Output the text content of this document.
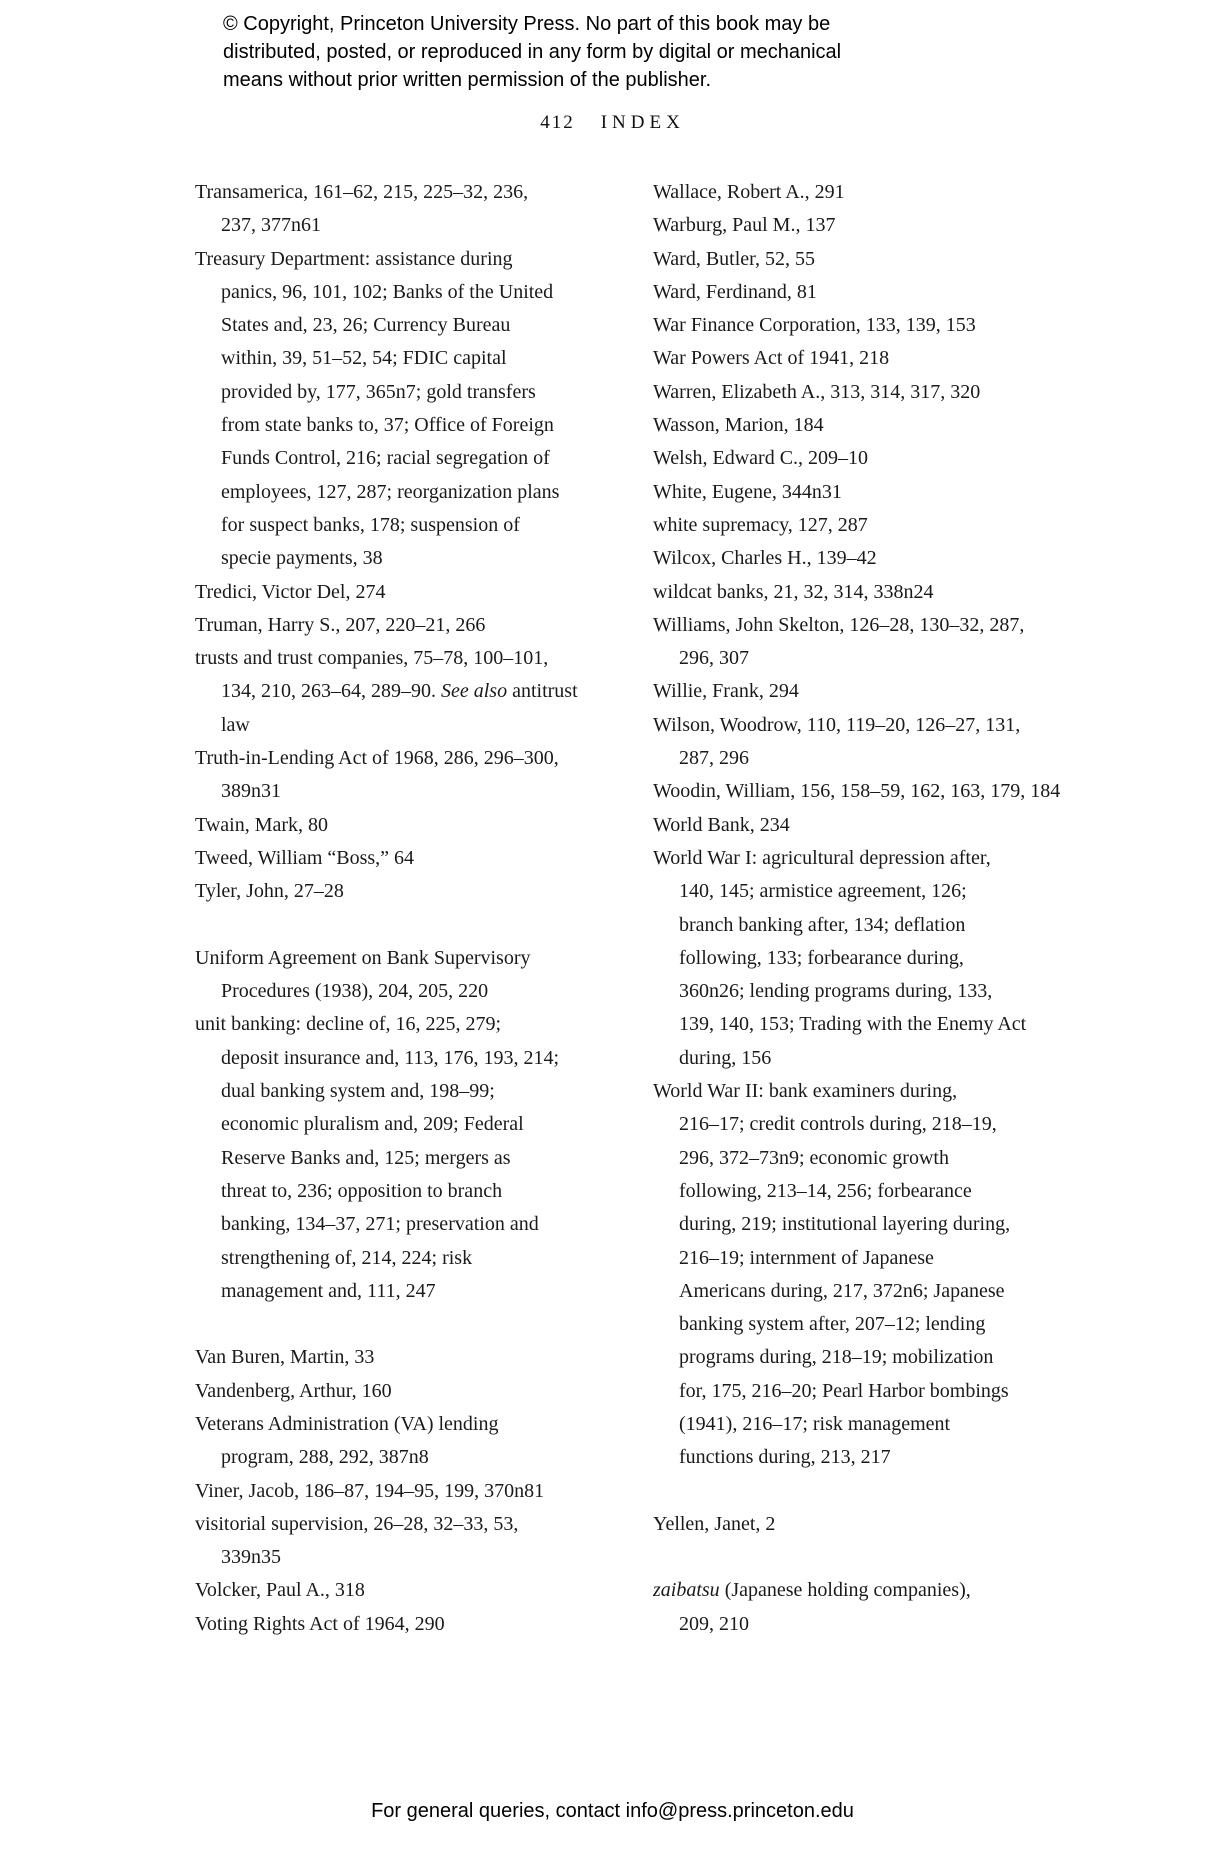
© Copyright, Princeton University Press. No part of this book may be
distributed, posted, or reproduced in any form by digital or mechanical
means without prior written permission of the publisher.
412 INDEX
Transamerica, 161–62, 215, 225–32, 236,
237, 377n61
Treasury Department: assistance during
panics, 96, 101, 102; Banks of the United
States and, 23, 26; Currency Bureau
within, 39, 51–52, 54; FDIC capital
provided by, 177, 365n7; gold transfers
from state banks to, 37; Office of Foreign
Funds Control, 216; racial segregation of
employees, 127, 287; reorganization plans
for suspect banks, 178; suspension of
specie payments, 38
Tredici, Victor Del, 274
Truman, Harry S., 207, 220–21, 266
trusts and trust companies, 75–78, 100–101,
134, 210, 263–64, 289–90. See also antitrust
law
Truth-in-Lending Act of 1968, 286, 296–300,
389n31
Twain, Mark, 80
Tweed, William “Boss,” 64
Tyler, John, 27–28
Uniform Agreement on Bank Supervisory
Procedures (1938), 204, 205, 220
unit banking: decline of, 16, 225, 279;
deposit insurance and, 113, 176, 193, 214;
dual banking system and, 198–99;
economic pluralism and, 209; Federal
Reserve Banks and, 125; mergers as
threat to, 236; opposition to branch
banking, 134–37, 271; preservation and
strengthening of, 214, 224; risk
management and, 111, 247
Van Buren, Martin, 33
Vandenberg, Arthur, 160
Veterans Administration (VA) lending
program, 288, 292, 387n8
Viner, Jacob, 186–87, 194–95, 199, 370n81
visitorial supervision, 26–28, 32–33, 53,
339n35
Volcker, Paul A., 318
Voting Rights Act of 1964, 290
Wallace, Robert A., 291
Warburg, Paul M., 137
Ward, Butler, 52, 55
Ward, Ferdinand, 81
War Finance Corporation, 133, 139, 153
War Powers Act of 1941, 218
Warren, Elizabeth A., 313, 314, 317, 320
Wasson, Marion, 184
Welsh, Edward C., 209–10
White, Eugene, 344n31
white supremacy, 127, 287
Wilcox, Charles H., 139–42
wildcat banks, 21, 32, 314, 338n24
Williams, John Skelton, 126–28, 130–32, 287,
296, 307
Willie, Frank, 294
Wilson, Woodrow, 110, 119–20, 126–27, 131,
287, 296
Woodin, William, 156, 158–59, 162, 163, 179, 184
World Bank, 234
World War I: agricultural depression after,
140, 145; armistice agreement, 126;
branch banking after, 134; deflation
following, 133; forbearance during,
360n26; lending programs during, 133,
139, 140, 153; Trading with the Enemy Act
during, 156
World War II: bank examiners during,
216–17; credit controls during, 218–19,
296, 372–73n9; economic growth
following, 213–14, 256; forbearance
during, 219; institutional layering during,
216–19; internment of Japanese
Americans during, 217, 372n6; Japanese
banking system after, 207–12; lending
programs during, 218–19; mobilization
for, 175, 216–20; Pearl Harbor bombings
(1941), 216–17; risk management
functions during, 213, 217
Yellen, Janet, 2
zaibatsu (Japanese holding companies),
209, 210
For general queries, contact info@press.princeton.edu
